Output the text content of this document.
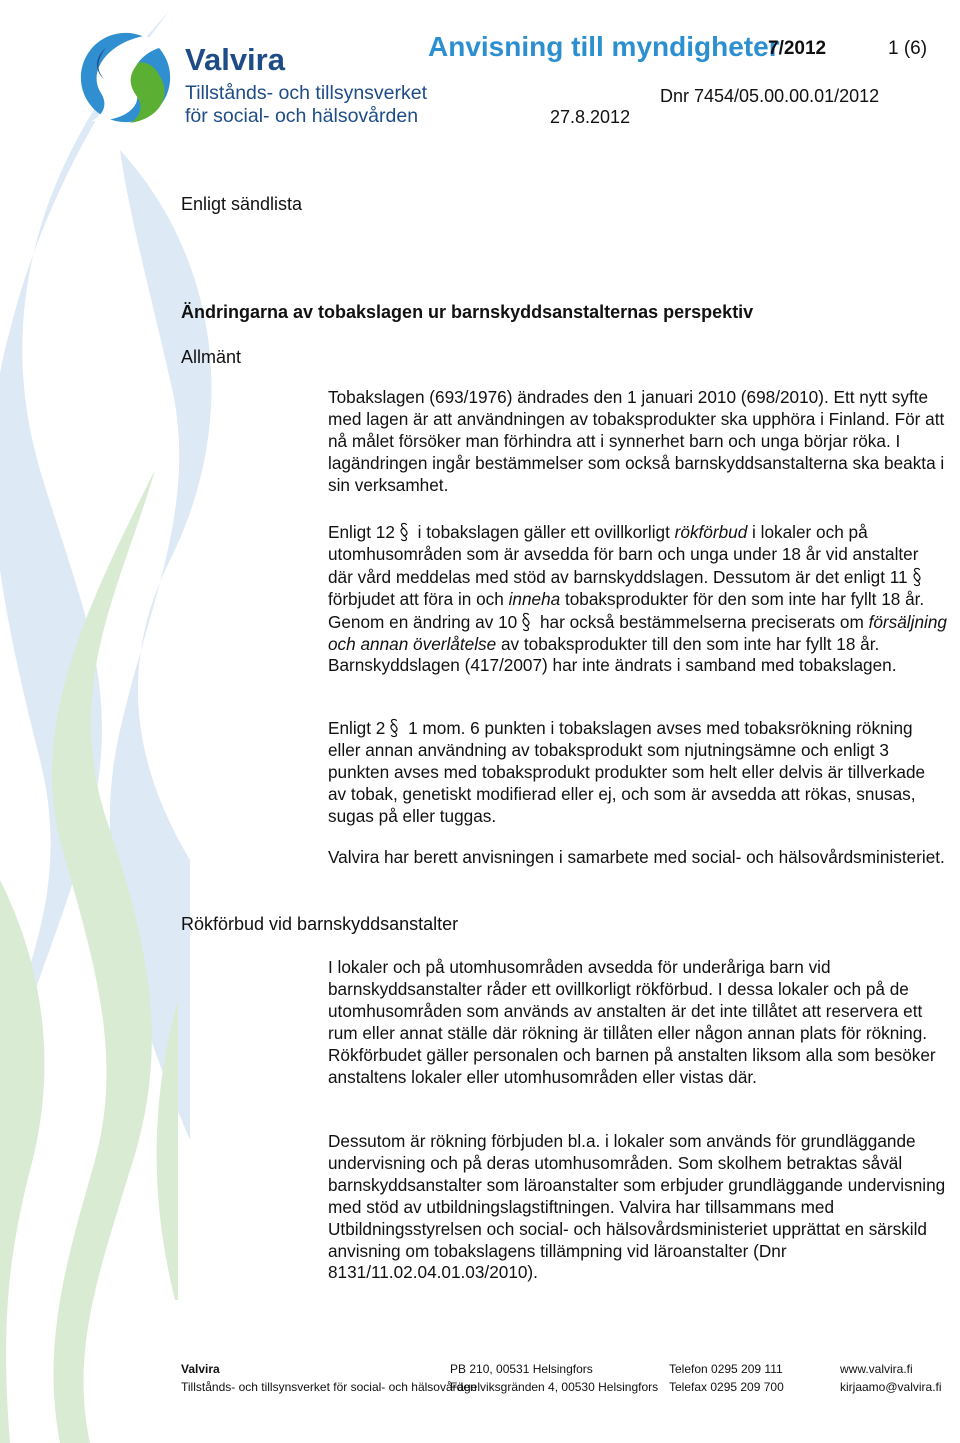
Valvira
Tillstånds- och tillsynsverket
för social- och hälsovården
Anvisning till myndigheter
7/2012	1 (6)
Dnr 7454/05.00.00.01/2012
27.8.2012
Enligt sändlista
Ändringarna av tobakslagen ur barnskyddsanstalternas perspektiv
Allmänt

Tobakslagen (693/1976) ändrades den 1 januari 2010 (698/2010). Ett nytt syfte med lagen är att användningen av tobaksprodukter ska upphöra i Finland. För att nå målet försöker man förhindra att i synnerhet barn och unga börjar röka. I lagändringen ingår bestämmelser som också barnskyddsanstalterna ska beakta i sin verksamhet.

Enligt 12 i tobakslagen gäller ett ovillkorligt rökförbud i lokaler och på utomhusområden som är avsedda för barn och unga under 18 år vid anstalter där vård meddelas med stöd av barnskyddslagen. Dessutom är det enligt 11 förbjudet att föra in och inneha tobaksprodukter för den som inte har fyllt 18 år. Genom en ändring av 10 har också bestämmelserna preciserats om försäljning och annan överlåtelse av tobaksprodukter till den som inte har fyllt 18 år. Barnskyddslagen (417/2007) har inte ändrats i samband med tobakslagen.

Enligt 2 1 mom. 6 punkten i tobakslagen avses med tobaksrökning rökning eller annan användning av tobaksprodukt som njutningsämne och enligt 3 punkten avses med tobaksprodukt produkter som helt eller delvis är tillverkade av tobak, genetiskt modifierad eller ej, och som är avsedda att rökas, snusas, sugas på eller tuggas.

Valvira har berett anvisningen i samarbete med social- och hälsovårdsministeriet.

Rökförbud vid barnskyddsanstalter

I lokaler och på utomhusområden avsedda för underåriga barn vid barnskyddsanstalter råder ett ovillkorligt rökförbud. I dessa lokaler och på de utomhusområden som används av anstalten är det inte tillåtet att reservera ett rum eller annat ställe där rökning är tillåten eller någon annan plats för rökning. Rökförbudet gäller personalen och barnen på anstalten liksom alla som besöker anstaltens lokaler eller utomhusområden eller vistas där.

Dessutom är rökning förbjuden bl.a. i lokaler som används för grundläggande undervisning och på deras utomhusområden. Som skolhem betraktas såväl barnskyddsanstalter som läroanstalter som erbjuder grundläggande undervisning med stöd av utbildningslagstiftningen. Valvira har tillsammans med Utbildningsstyrelsen och social- och hälsovårdsministeriet upprättat en särskild anvisning om tobakslagens tillämpning vid läroanstalter (Dnr 8131/11.02.04.01.03/2010).

Valvira
Tillstånds- och tillsynsverket för social- och hälsovården
PB 210, 00531 Helsingfors
Fägelviksgränden 4, 00530 Helsingfors
Telefon 0295 209 111
Telefax 0295 209 700
www.valvira.fi
kirjaamo@valvira.fi
